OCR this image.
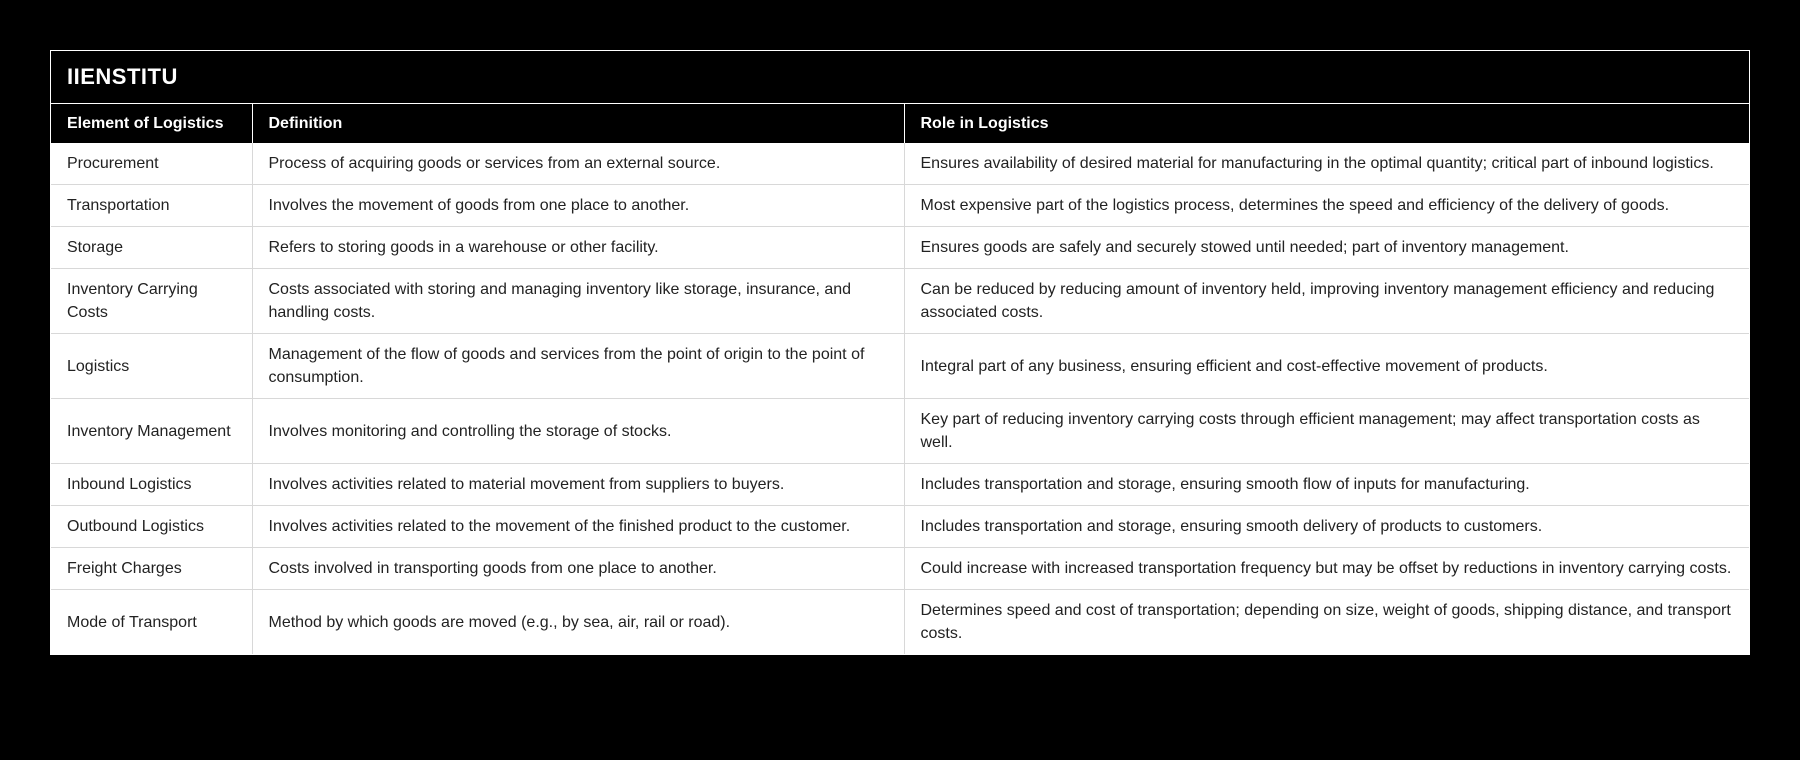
IIENSTITU
Element of Logistics	Definition	Role in Logistics
Procurement	Process of acquiring goods or services from an external source.	Ensures availability of desired material for manufacturing in the optimal quantity; critical part of inbound logistics.
Transportation	Involves the movement of goods from one place to another.	Most expensive part of the logistics process, determines the speed and efficiency of the delivery of goods.
Storage	Refers to storing goods in a warehouse or other facility.	Ensures goods are safely and securely stowed until needed; part of inventory management.
Inventory Carrying Costs	Costs associated with storing and managing inventory like storage, insurance, and handling costs.	Can be reduced by reducing amount of inventory held, improving inventory management efficiency and reducing associated costs.
Logistics	Management of the flow of goods and services from the point of origin to the point of consumption.	Integral part of any business, ensuring efficient and cost-effective movement of products.
Inventory Management	Involves monitoring and controlling the storage of stocks.	Key part of reducing inventory carrying costs through efficient management; may affect transportation costs as well.
Inbound Logistics	Involves activities related to material movement from suppliers to buyers.	Includes transportation and storage, ensuring smooth flow of inputs for manufacturing.
Outbound Logistics	Involves activities related to the movement of the finished product to the customer.	Includes transportation and storage, ensuring smooth delivery of products to customers.
Freight Charges	Costs involved in transporting goods from one place to another.	Could increase with increased transportation frequency but may be offset by reductions in inventory carrying costs.
Mode of Transport	Method by which goods are moved (e.g., by sea, air, rail or road).	Determines speed and cost of transportation; depending on size, weight of goods, shipping distance, and transport costs.
